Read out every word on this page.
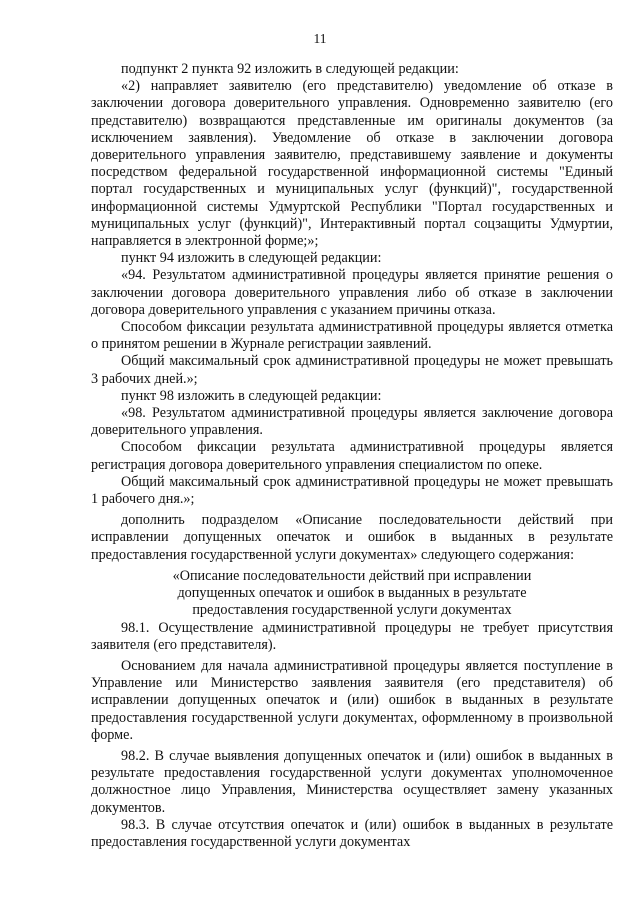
11

подпункт 2 пункта 92 изложить в следующей редакции:

«2) направляет заявителю (его представителю) уведомление об отказе в заключении договора доверительного управления. Одновременно заявителю (его представителю) возвращаются представленные им оригиналы документов (за исключением заявления). Уведомление об отказе в заключении договора доверительного управления заявителю, представившему заявление и документы посредством федеральной государственной информационной системы "Единый портал государственных и муниципальных услуг (функций)", государственной информационной системы Удмуртской Республики "Портал государственных и муниципальных услуг (функций)", Интерактивный портал соцзащиты Удмуртии, направляется в электронной форме;»;

пункт 94 изложить в следующей редакции:

«94. Результатом административной процедуры является принятие решения о заключении договора доверительного управления либо об отказе в заключении договора доверительного управления с указанием причины отказа.

Способом фиксации результата административной процедуры является отметка о принятом решении в Журнале регистрации заявлений.

Общий максимальный срок административной процедуры не может превышать 3 рабочих дней.»;

пункт 98 изложить в следующей редакции:

«98. Результатом административной процедуры является заключение договора доверительного управления.

Способом фиксации результата административной процедуры является регистрация договора доверительного управления специалистом по опеке.

Общий максимальный срок административной процедуры не может превышать 1 рабочего дня.»;

дополнить подразделом «Описание последовательности действий при исправлении допущенных опечаток и ошибок в выданных в результате предоставления государственной услуги документах» следующего содержания:

«Описание последовательности действий при исправлении

допущенных опечаток и ошибок в выданных в результате

предоставления государственной услуги документах

98.1. Осуществление административной процедуры не требует присутствия заявителя (его представителя).

Основанием для начала административной процедуры является поступление в Управление или Министерство заявления заявителя (его представителя) об исправлении допущенных опечаток и (или) ошибок в выданных в результате предоставления государственной услуги документах, оформленному в произвольной форме.

98.2. В случае выявления допущенных опечаток и (или) ошибок в выданных в результате предоставления государственной услуги документах уполномоченное должностное лицо Управления, Министерства осуществляет замену указанных документов.

98.3. В случае отсутствия опечаток и (или) ошибок в выданных в результате предоставления государственной услуги документах
